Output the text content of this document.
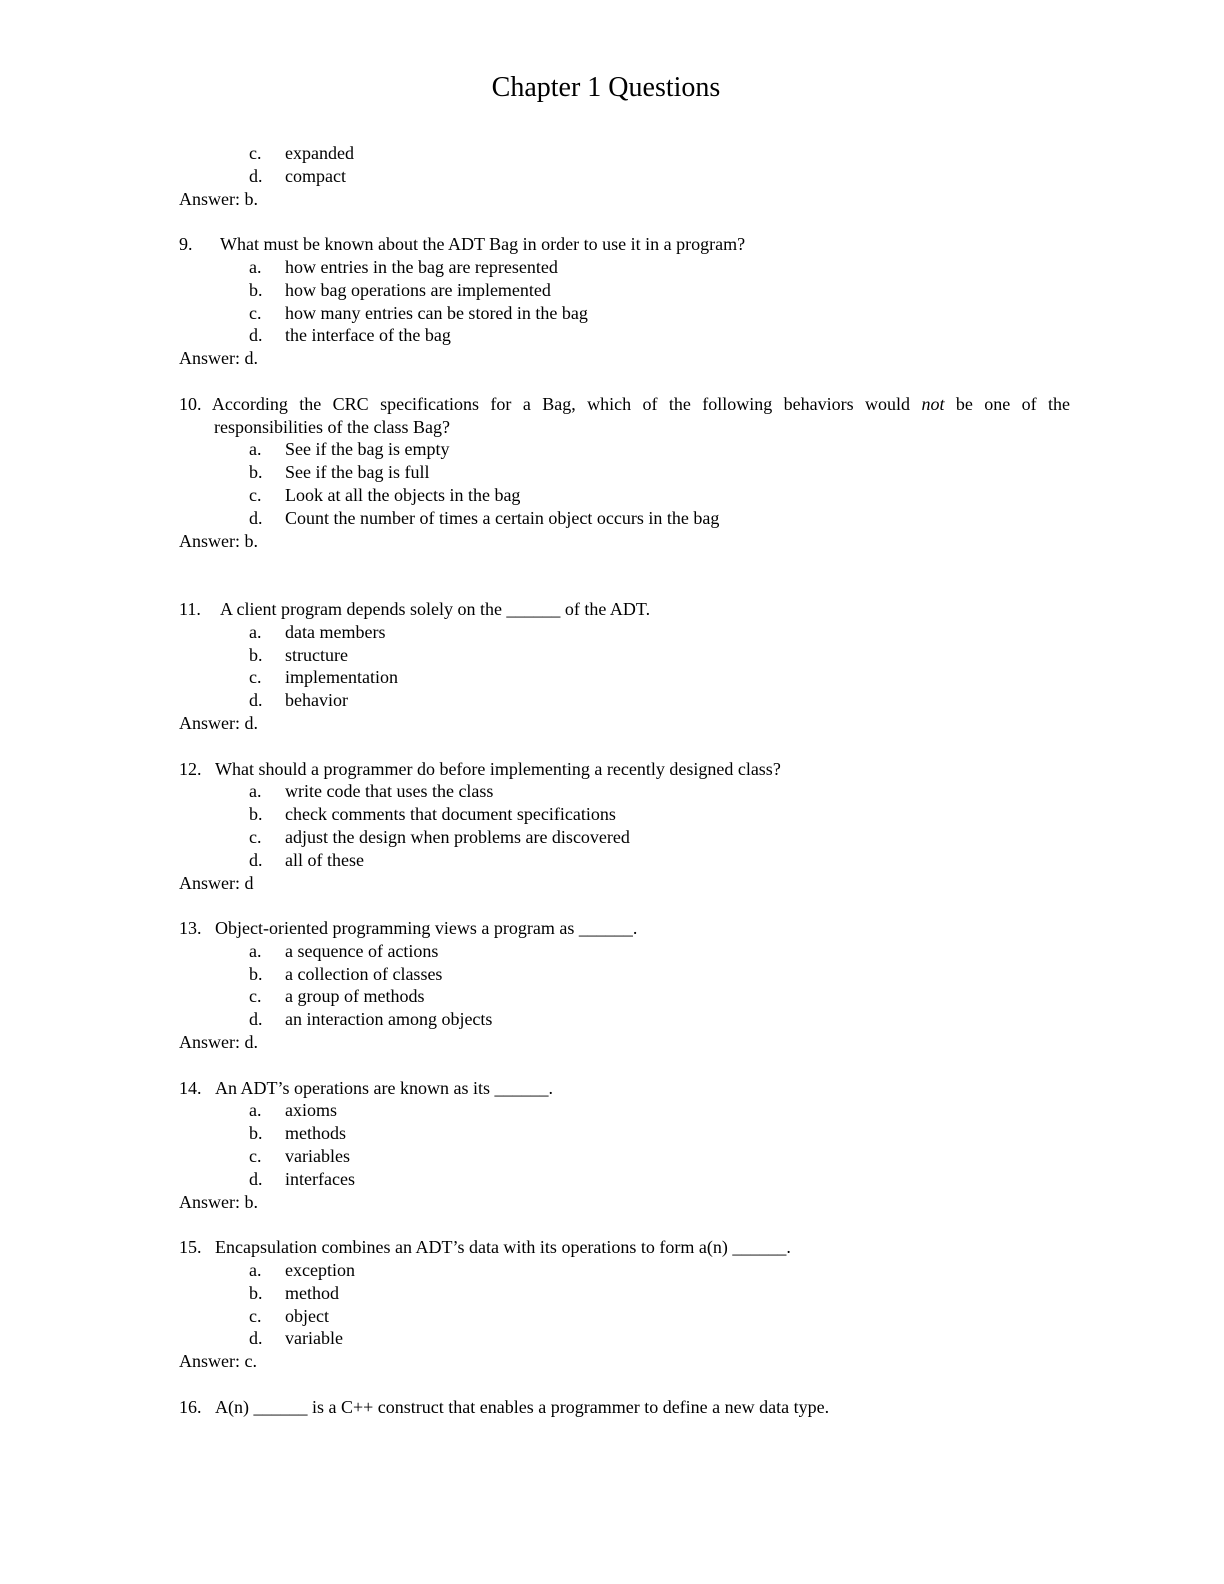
Chapter 1 Questions
c. expanded
d. compact
Answer: b.
9. What must be known about the ADT Bag in order to use it in a program?
a. how entries in the bag are represented
b. how bag operations are implemented
c. how many entries can be stored in the bag
d. the interface of the bag
Answer: d.
10. According the CRC specifications for a Bag, which of the following behaviors would not be one of the
responsibilities of the class Bag?
a. See if the bag is empty
b. See if the bag is full
c. Look at all the objects in the bag
d. Count the number of times a certain object occurs in the bag
Answer: b.
11. A client program depends solely on the ______ of the ADT.
a. data members
b. structure
c. implementation
d. behavior
Answer: d.
12. What should a programmer do before implementing a recently designed class?
a. write code that uses the class
b. check comments that document specifications
c. adjust the design when problems are discovered
d. all of these
Answer: d
13. Object-oriented programming views a program as ______.
a. a sequence of actions
b. a collection of classes
c. a group of methods
d. an interaction among objects
Answer: d.
14. An ADT’s operations are known as its ______.
a. axioms
b. methods
c. variables
d. interfaces
Answer: b.
15. Encapsulation combines an ADT’s data with its operations to form a(n) ______.
a. exception
b. method
c. object
d. variable
Answer: c.
16. A(n) ______ is a C++ construct that enables a programmer to define a new data type.
